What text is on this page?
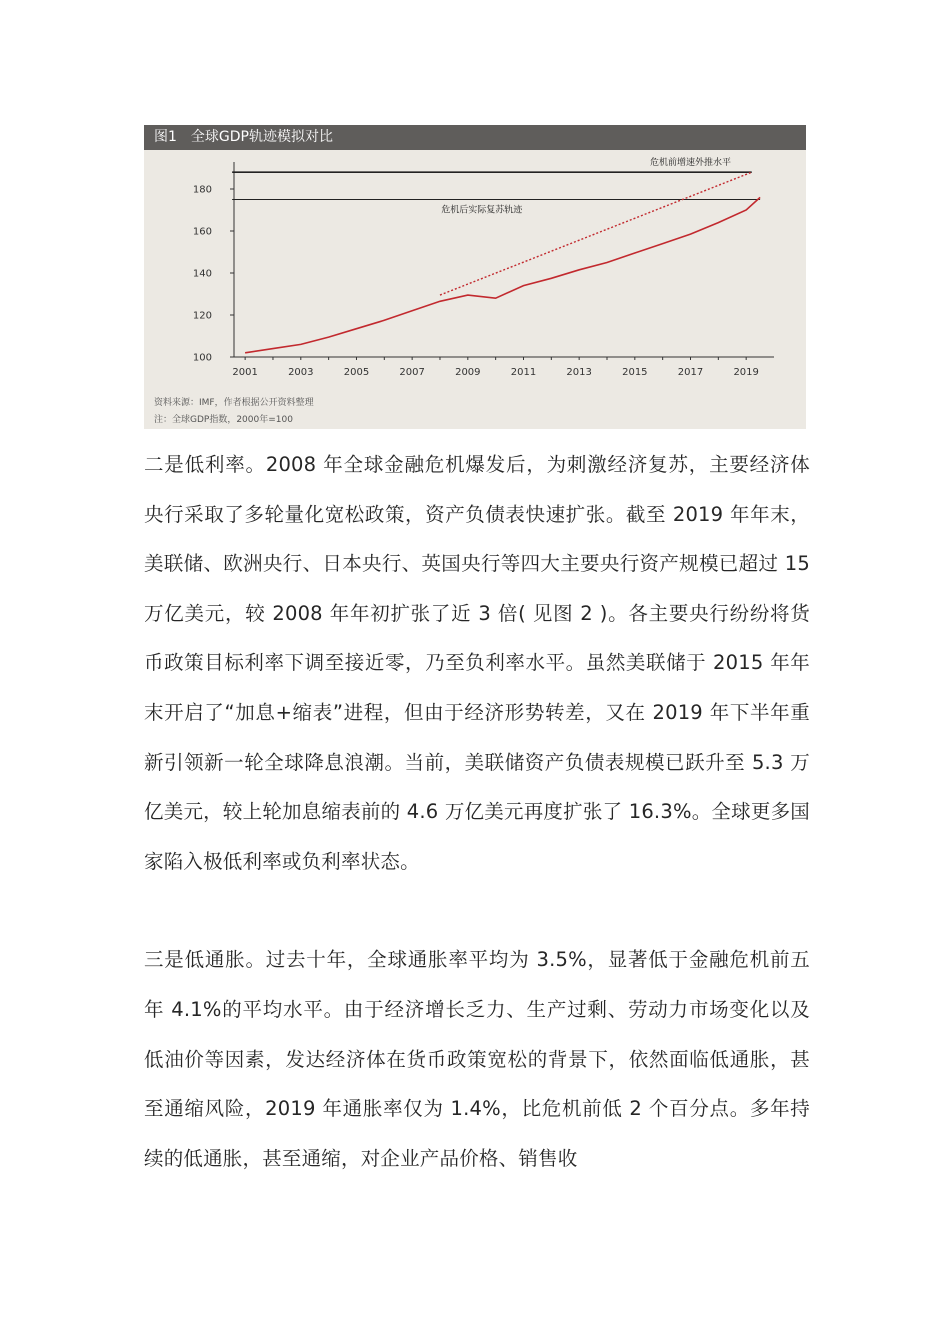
图1 全球GDP轨迹模拟对比
100
120
140
160
180
2001	2003	2005	2007	2009	2011	2013	2015	2017	2019
危机前增速外推水平
危机后实际复苏轨迹
资料来源：IMF，作者根据公开资料整理
注：全球GDP指数，2000年=100

二是低利率。2008 年全球金融危机爆发后，为刺激经济复苏，主要经济体央行采取了多轮量化宽松政策，资产负债表快速扩张。截至 2019 年年末，美联储、欧洲央行、日本央行、英国央行等四大主要央行资产规模已超过 15 万亿美元，较 2008 年年初扩张了近 3 倍( 见图 2 )。各主要央行纷纷将货币政策目标利率下调至接近零，乃至负利率水平。虽然美联储于 2015 年年末开启了“加息+缩表”进程，但由于经济形势转差，又在 2019 年下半年重新引领新一轮全球降息浪潮。当前，美联储资产负债表规模已跃升至 5.3 万亿美元，较上轮加息缩表前的 4.6 万亿美元再度扩张了 16.3%。全球更多国家陷入极低利率或负利率状态。

三是低通胀。过去十年，全球通胀率平均为 3.5%，显著低于金融危机前五年 4.1%的平均水平。由于经济增长乏力、生产过剩、劳动力市场变化以及低油价等因素，发达经济体在货币政策宽松的背景下，依然面临低通胀，甚至通缩风险，2019 年通胀率仅为 1.4%，比危机前低 2 个百分点。多年持续的低通胀，甚至通缩，对企业产品价格、销售收
